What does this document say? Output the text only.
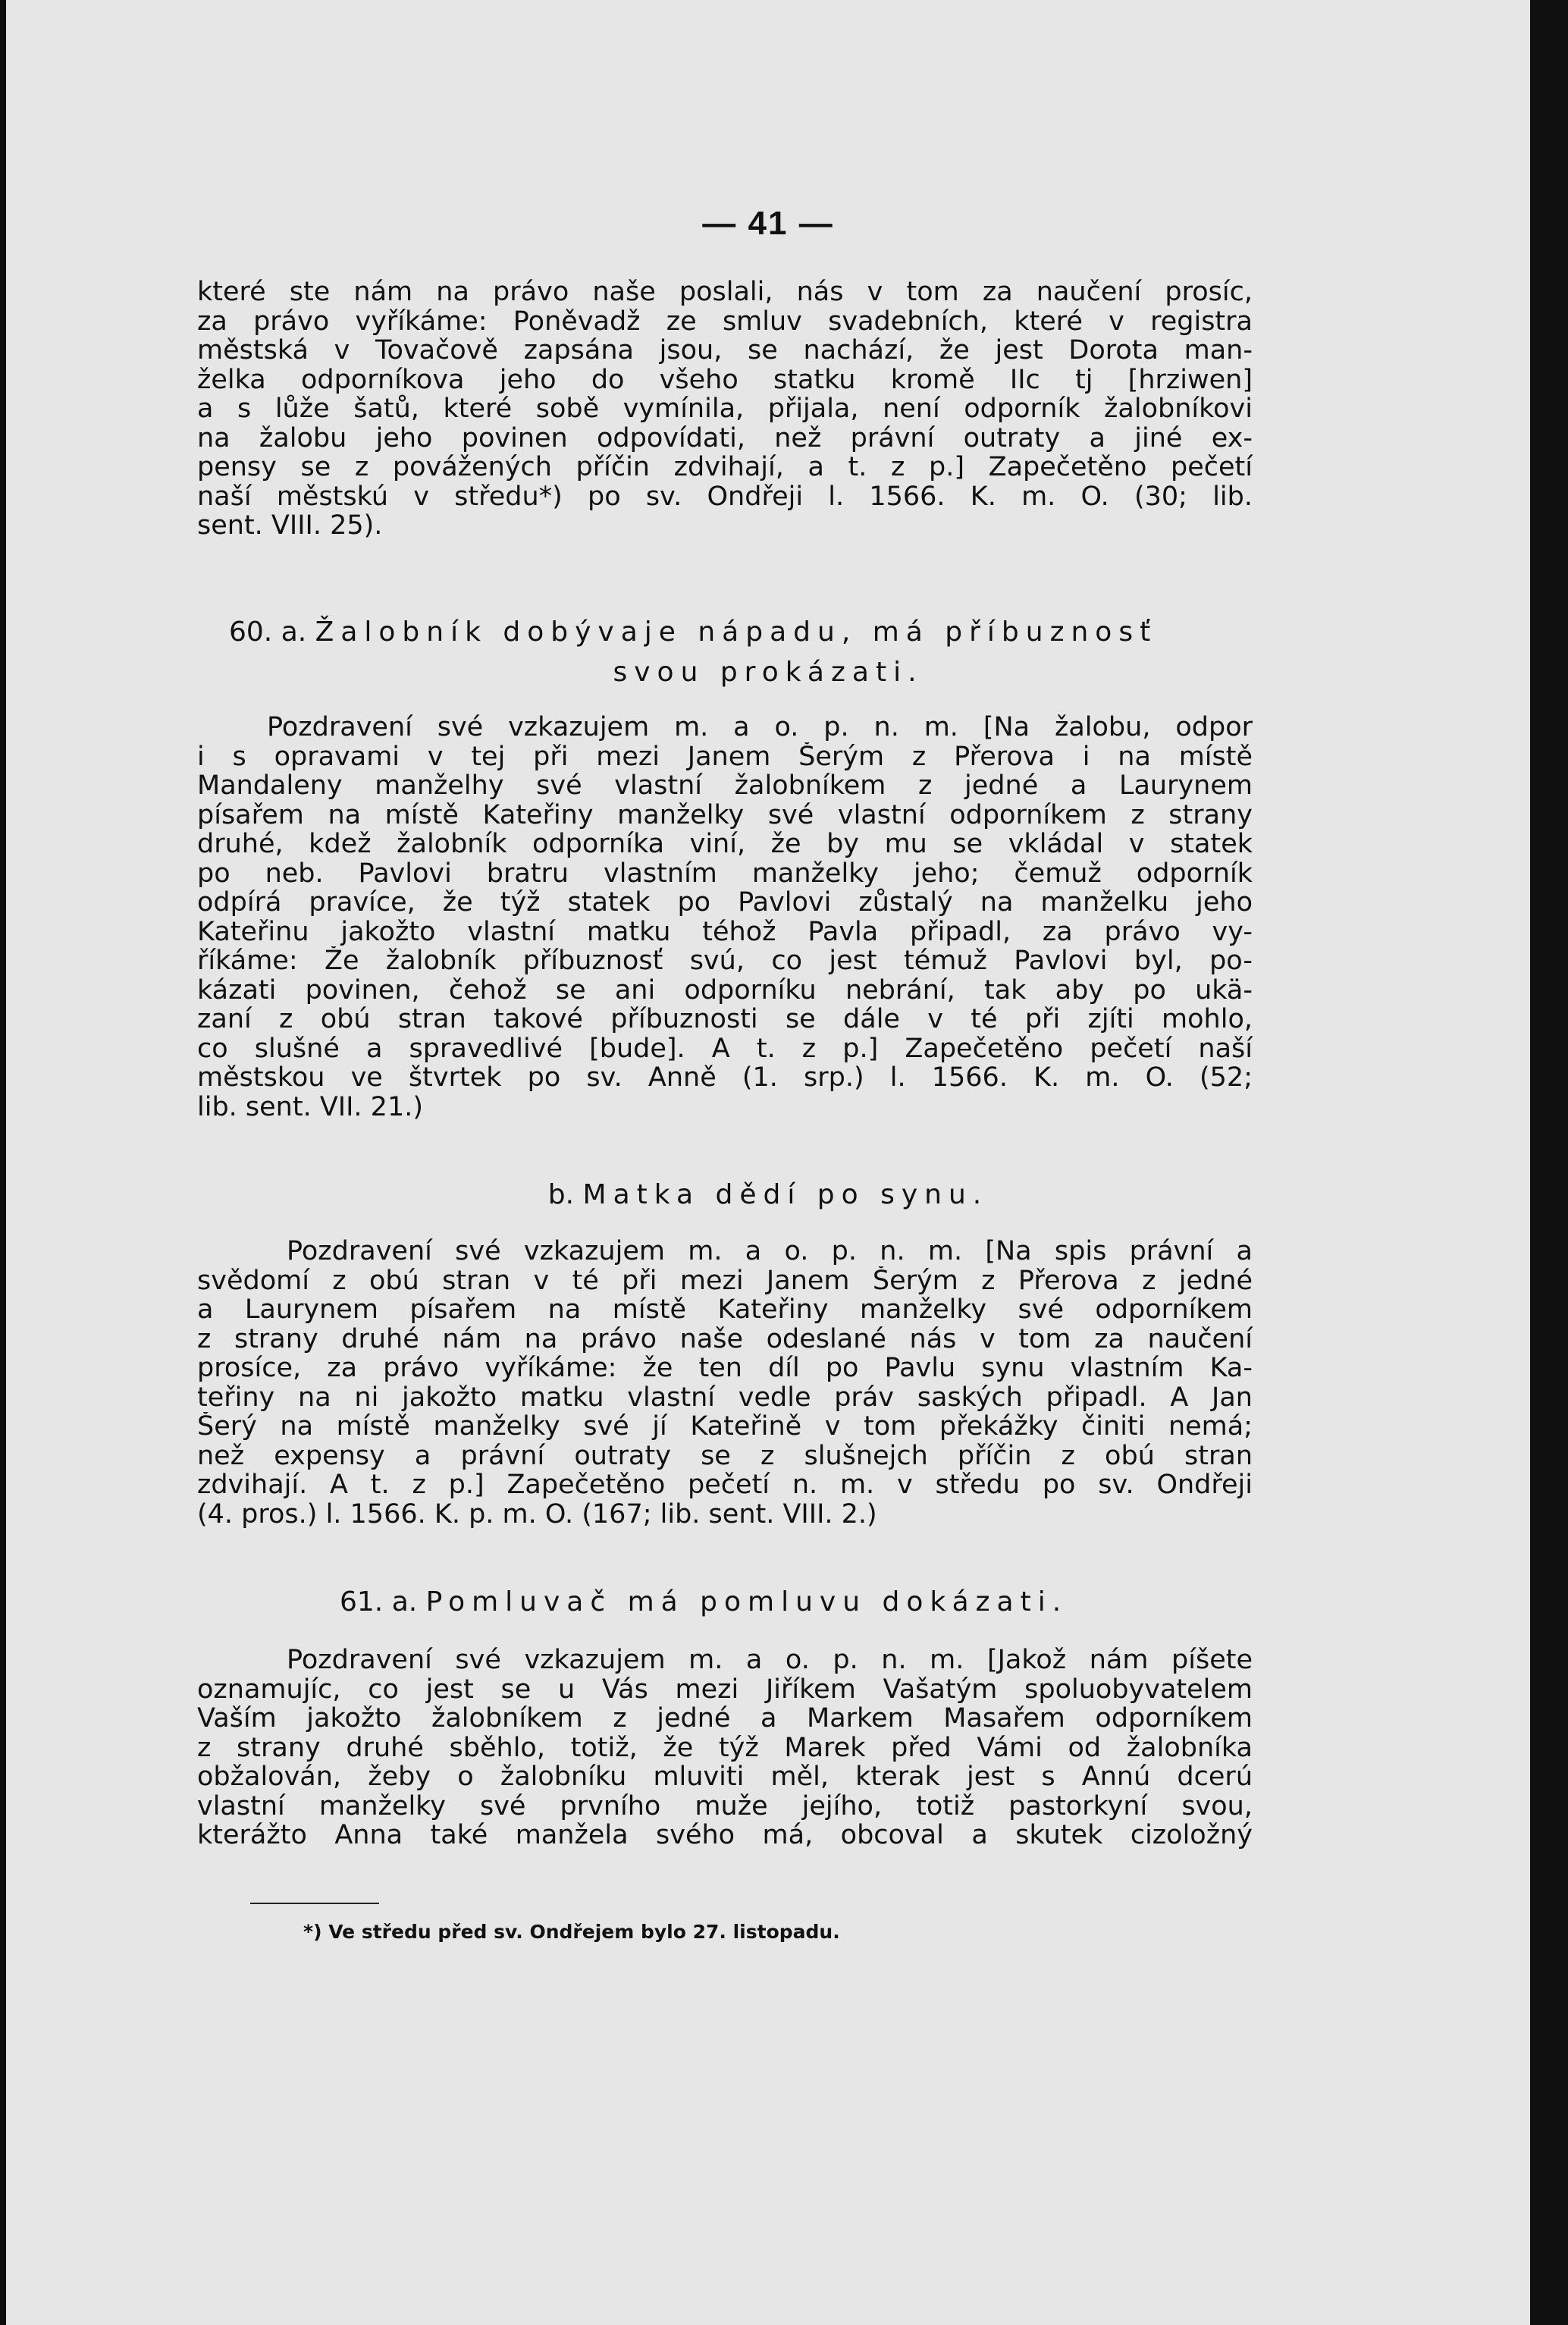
— 41 —
které ste nám na právo naše poslali, nás v tom za naučení prosíc,
za právo vyříkáme: Poněvadž ze smluv svadebních, které v registra
městská v Tovačově zapsána jsou, se nachází, že jest Dorota man-
želka odporníkova jeho do všeho statku kromě IIc tj [hrziwen]
a s lůže šatů, které sobě vymínila, přijala, není odporník žalobníkovi
na žalobu jeho povinen odpovídati, než právní outraty a jiné ex-
pensy se z povážených příčin zdvihají, a t. z p.] Zapečetěno pečetí
naší městskú v středu*) po sv. Ondřeji l. 1566. K. m. O. (30; lib.
sent. VIII. 25).
60. a. Žalobník dobývaje nápadu, má příbuznosť
svou prokázati.
Pozdravení své vzkazujem m. a o. p. n. m. [Na žalobu, odpor
i s opravami v tej při mezi Janem Šerým z Přerova i na místě
Mandaleny manželhy své vlastní žalobníkem z jedné a Laurynem
písařem na místě Kateřiny manželky své vlastní odporníkem z strany
druhé, kdež žalobník odporníka viní, že by mu se vkládal v statek
po neb. Pavlovi bratru vlastním manželky jeho; čemuž odporník
odpírá pravíce, že týž statek po Pavlovi zůstalý na manželku jeho
Kateřinu jakožto vlastní matku téhož Pavla připadl, za právo vy-
říkáme: Že žalobník příbuznosť svú, co jest témuž Pavlovi byl, po-
kázati povinen, čehož se ani odporníku nebrání, tak aby po ukä-
zaní z obú stran takové příbuznosti se dále v té při zjíti mohlo,
co slušné a spravedlivé [bude]. A t. z p.] Zapečetěno pečetí naší
městskou ve štvrtek po sv. Anně (1. srp.) l. 1566. K. m. O. (52;
lib. sent. VII. 21.)
b. Matka dědí po synu.
Pozdravení své vzkazujem m. a o. p. n. m. [Na spis právní a
svědomí z obú stran v té při mezi Janem Šerým z Přerova z jedné
a Laurynem písařem na místě Kateřiny manželky své odporníkem
z strany druhé nám na právo naše odeslané nás v tom za naučení
prosíce, za právo vyříkáme: že ten díl po Pavlu synu vlastním Ka-
teřiny na ni jakožto matku vlastní vedle práv saských připadl. A Jan
Šerý na místě manželky své jí Kateřině v tom překážky činiti nemá;
než expensy a právní outraty se z slušnejch příčin z obú stran
zdvihají. A t. z p.] Zapečetěno pečetí n. m. v středu po sv. Ondřeji
(4. pros.) l. 1566. K. p. m. O. (167; lib. sent. VIII. 2.)
61. a. Pomluvač má pomluvu dokázati.
Pozdravení své vzkazujem m. a o. p. n. m. [Jakož nám píšete
oznamujíc, co jest se u Vás mezi Jiříkem Vašatým spoluobyvatelem
Vaším jakožto žalobníkem z jedné a Markem Masařem odporníkem
z strany druhé sběhlo, totiž, že týž Marek před Vámi od žalobníka
obžalován, žeby o žalobníku mluviti měl, kterak jest s Annú dcerú
vlastní manželky své prvního muže jejího, totiž pastorkyní svou,
kterážto Anna také manžela svého má, obcoval a skutek cizoložný
*) Ve středu před sv. Ondřejem bylo 27. listopadu.
